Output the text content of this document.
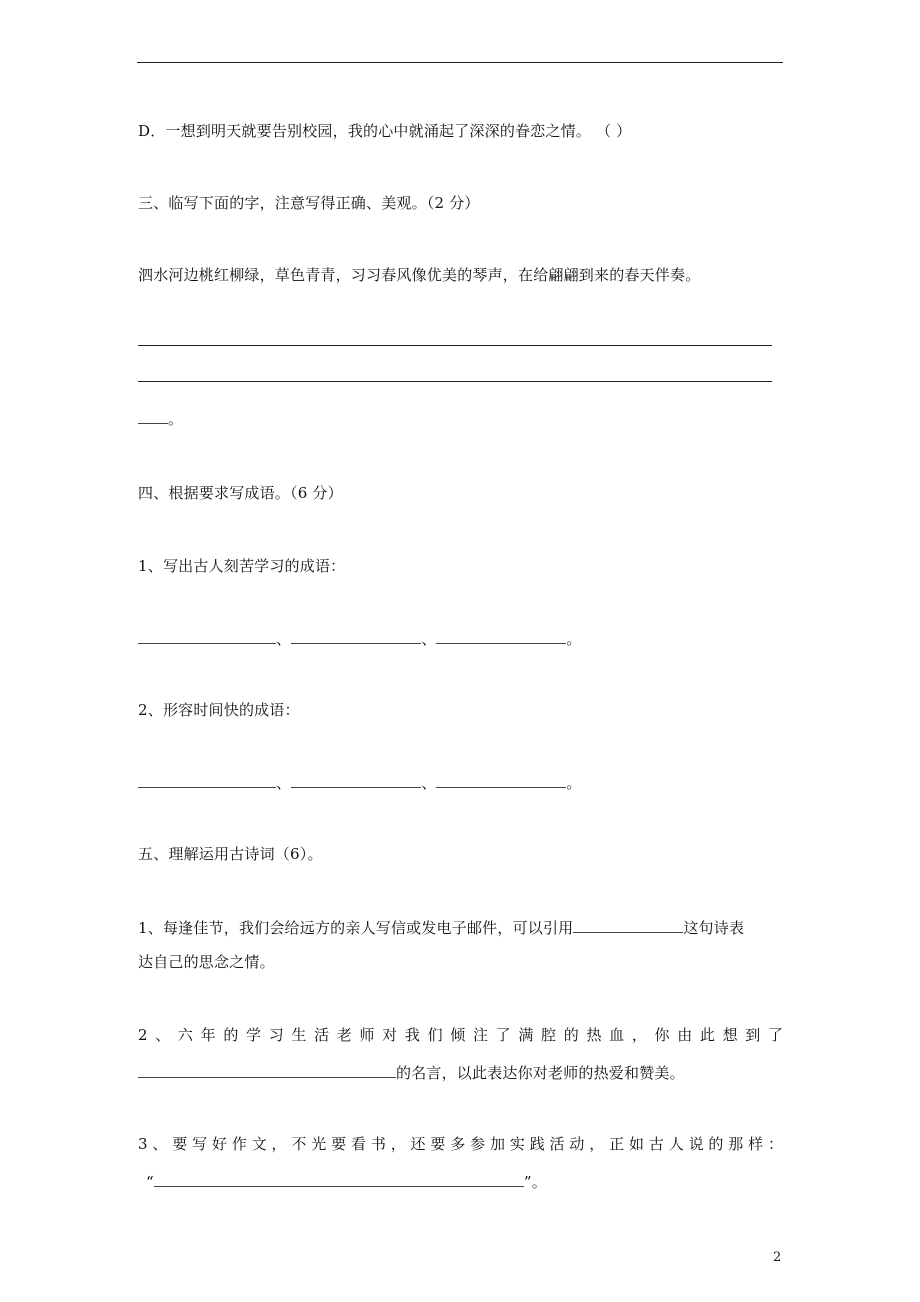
D．一想到明天就要告别校园，我的心中就涌起了深深的眷恋之情。 （ ）
三、临写下面的字，注意写得正确、美观。（2 分）
泗水河边桃红柳绿，草色青青，习习春风像优美的琴声，在给翩翩到来的春天伴奏。
。
四、根据要求写成语。（6 分）
1、写出古人刻苦学习的成语：
、	、	。
2、形容时间快的成语：
、	、	。
五、理解运用古诗词（6）。
1、每逢佳节，我们会给远方的亲人写信或发电子邮件，可以引用	这句诗表
达自己的思念之情。
2、六年的学习生活老师对我们倾注了满腔的热血，你由此想到了
的名言，以此表达你对老师的热爱和赞美。
3、要写好作文，不光要看书，还要多参加实践活动，正如古人说的那样：
“	”。
2
